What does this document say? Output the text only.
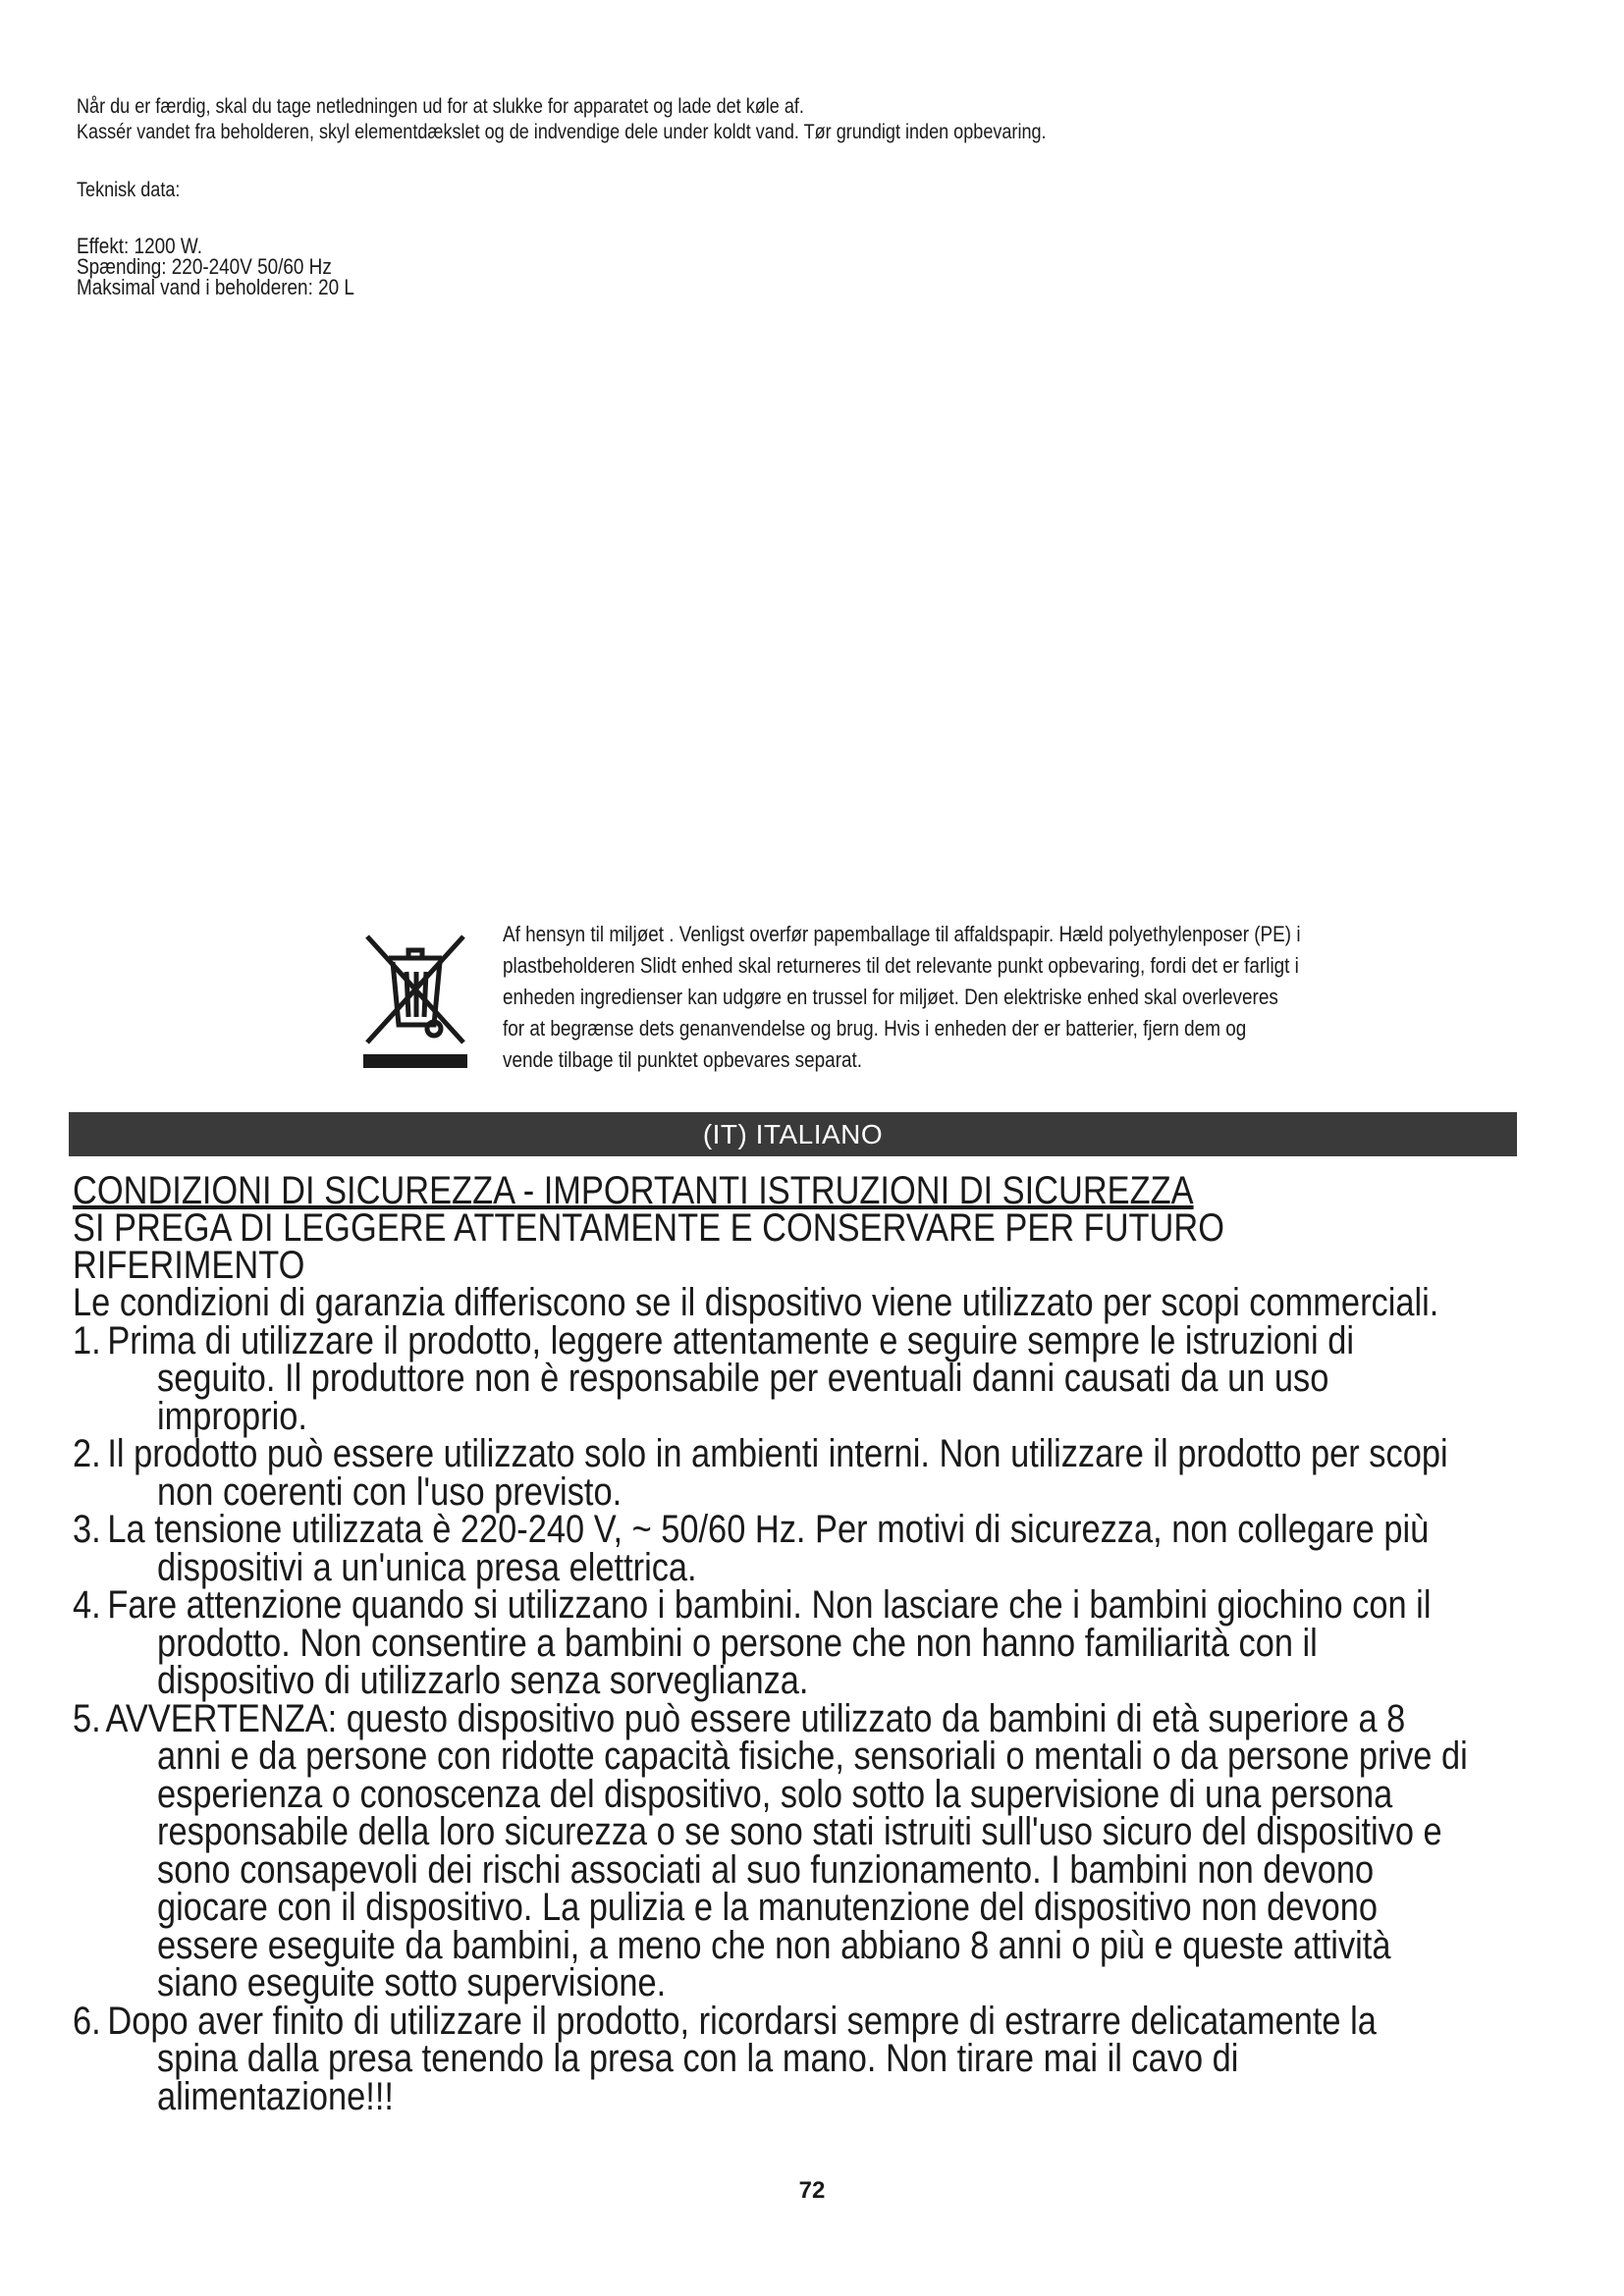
Når du er færdig, skal du tage netledningen ud for at slukke for apparatet og lade det køle af.

Kassér vandet fra beholderen, skyl elementdækslet og de indvendige dele under koldt vand. Tør grundigt inden opbevaring.

Teknisk data:

Effekt: 1200 W.

Spænding: 220-240V 50/60 Hz

Maksimal vand i beholderen: 20 L

Af hensyn til miljøet . Venligst overfør papemballage til affaldspapir. Hæld polyethylenposer (PE) i

plastbeholderen Slidt enhed skal returneres til det relevante punkt opbevaring, fordi det er farligt i

enheden ingredienser kan udgøre en trussel for miljøet. Den elektriske enhed skal overleveres

for at begrænse dets genanvendelse og brug. Hvis i enheden der er batterier, fjern dem og

vende tilbage til punktet opbevares separat.

(IT) ITALIANO

CONDIZIONI DI SICUREZZA - IMPORTANTI ISTRUZIONI DI SICUREZZA

SI PREGA DI LEGGERE ATTENTAMENTE E CONSERVARE PER FUTURO

RIFERIMENTO

Le condizioni di garanzia differiscono se il dispositivo viene utilizzato per scopi commerciali.

1. Prima di utilizzare il prodotto, leggere attentamente e seguire sempre le istruzioni di

seguito. Il produttore non è responsabile per eventuali danni causati da un uso

improprio.

2. Il prodotto può essere utilizzato solo in ambienti interni. Non utilizzare il prodotto per scopi

non coerenti con l'uso previsto.

3. La tensione utilizzata è 220-240 V, ~ 50/60 Hz. Per motivi di sicurezza, non collegare più

dispositivi a un'unica presa elettrica.

4. Fare attenzione quando si utilizzano i bambini. Non lasciare che i bambini giochino con il

prodotto. Non consentire a bambini o persone che non hanno familiarità con il

dispositivo di utilizzarlo senza sorveglianza.

5. AVVERTENZA: questo dispositivo può essere utilizzato da bambini di età superiore a 8

anni e da persone con ridotte capacità fisiche, sensoriali o mentali o da persone prive di

esperienza o conoscenza del dispositivo, solo sotto la supervisione di una persona

responsabile della loro sicurezza o se sono stati istruiti sull'uso sicuro del dispositivo e

sono consapevoli dei rischi associati al suo funzionamento. I bambini non devono

giocare con il dispositivo. La pulizia e la manutenzione del dispositivo non devono

essere eseguite da bambini, a meno che non abbiano 8 anni o più e queste attività

siano eseguite sotto supervisione.

6. Dopo aver finito di utilizzare il prodotto, ricordarsi sempre di estrarre delicatamente la

spina dalla presa tenendo la presa con la mano. Non tirare mai il cavo di

alimentazione!!!

72
